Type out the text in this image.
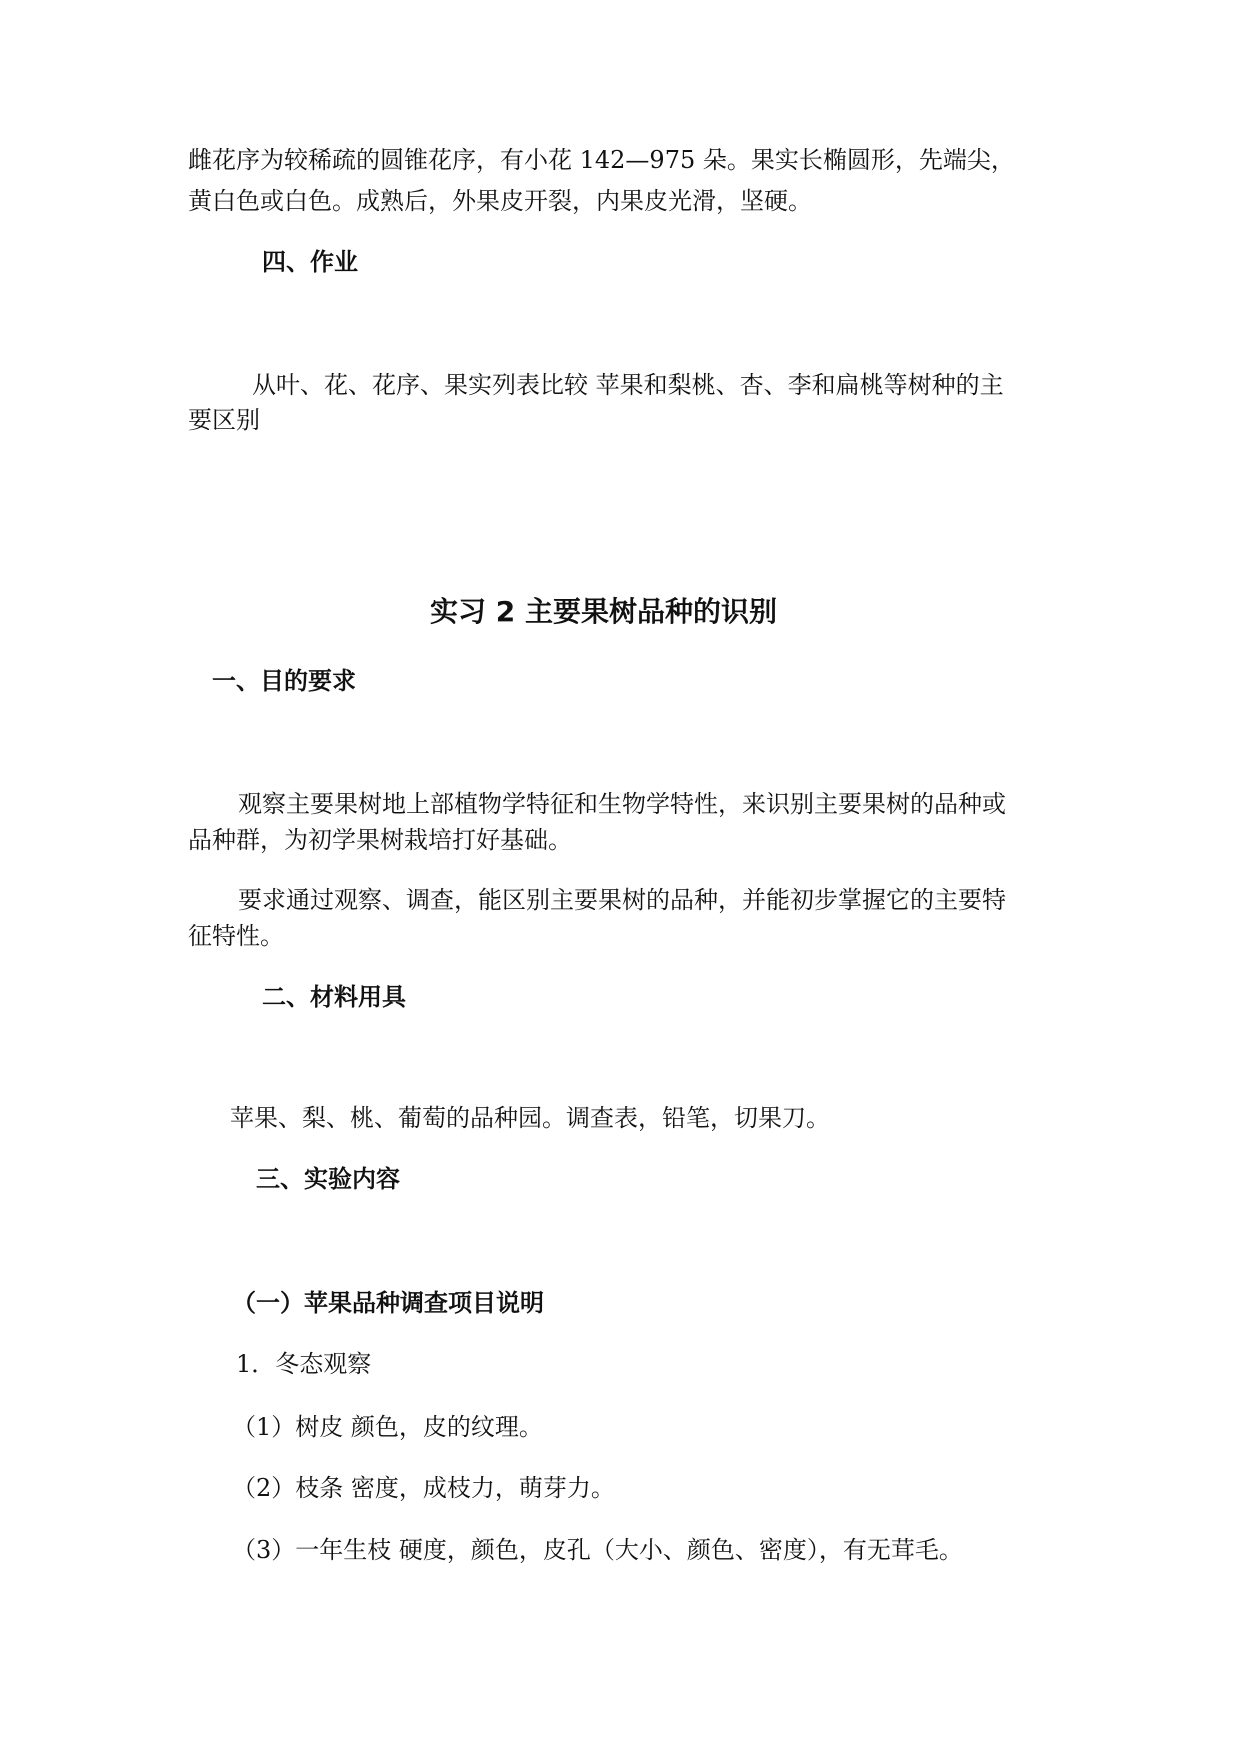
雌花序为较稀疏的圆锥花序，有小花 142—975 朵。果实长椭圆形，先端尖，

黄白色或白色。成熟后，外果皮开裂，内果皮光滑，坚硬。

四、作业

从叶、花、花序、果实列表比较 苹果和梨桃、杏、李和扁桃等树种的主

要区别

实习 2 主要果树品种的识别

一、目的要求

观察主要果树地上部植物学特征和生物学特性，来识别主要果树的品种或

品种群，为初学果树栽培打好基础。

要求通过观察、调查，能区别主要果树的品种，并能初步掌握它的主要特

征特性。

二、材料用具

苹果、梨、桃、葡萄的品种园。调查表，铅笔，切果刀。

三、实验内容

（一）苹果品种调查项目说明

1．冬态观察

（1）树皮 颜色，皮的纹理。

（2）枝条 密度，成枝力，萌芽力。

（3）一年生枝 硬度，颜色，皮孔（大小、颜色、密度），有无茸毛。
